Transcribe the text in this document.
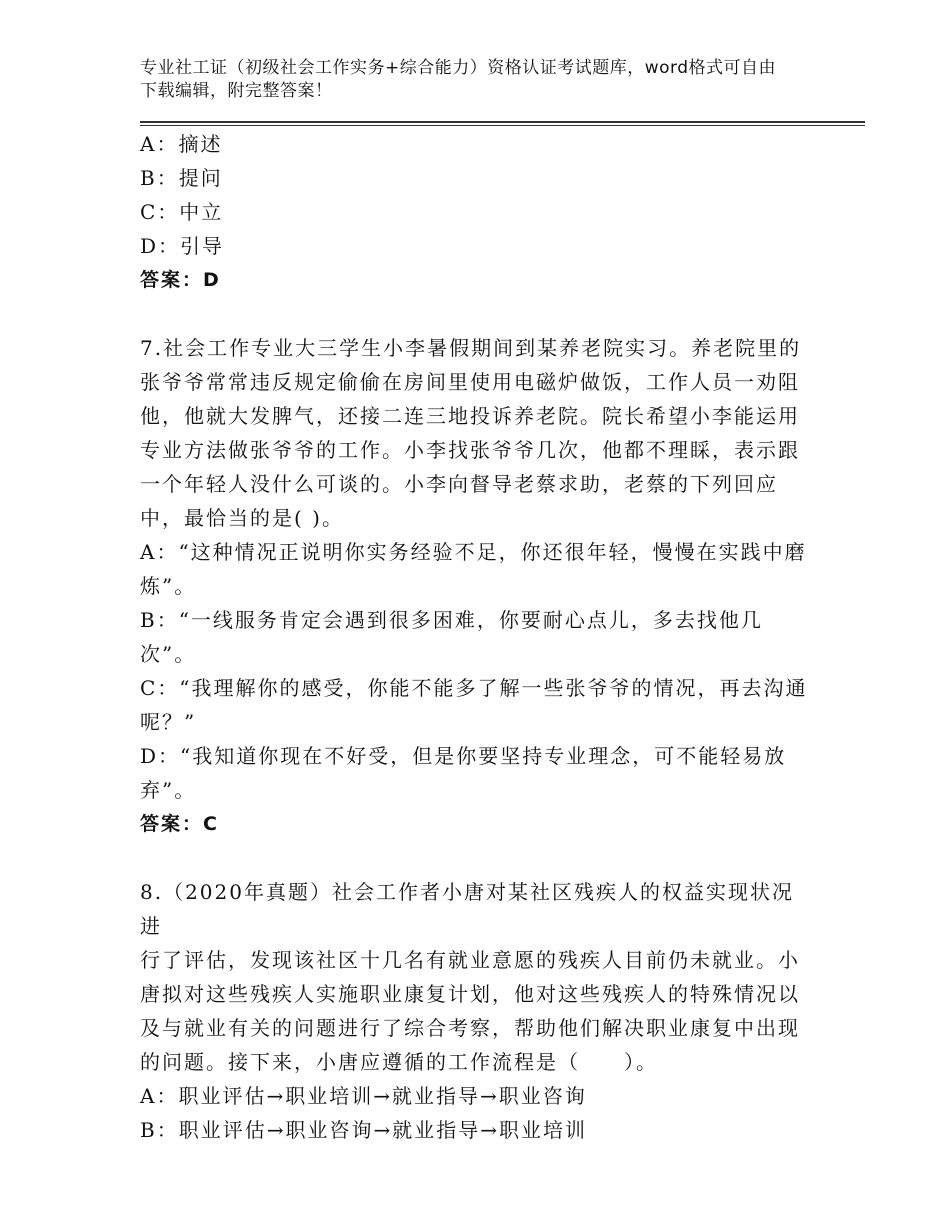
专业社工证（初级社会工作实务+综合能力）资格认证考试题库，word格式可自由
下载编辑，附完整答案！
A：摘述
B：提问
C：中立
D：引导
答案：D
7.社会工作专业大三学生小李暑假期间到某养老院实习。养老院里的
张爷爷常常违反规定偷偷在房间里使用电磁炉做饭，工作人员一劝阻
他，他就大发脾气，还接二连三地投诉养老院。院长希望小李能运用
专业方法做张爷爷的工作。小李找张爷爷几次，他都不理睬，表示跟
一个年轻人没什么可谈的。小李向督导老蔡求助，老蔡的下列回应
中，最恰当的是( )。
A：“这种情况正说明你实务经验不足，你还很年轻，慢慢在实践中磨
炼”。
B：“一线服务肯定会遇到很多困难，你要耐心点儿，多去找他几
次”。
C：“我理解你的感受，你能不能多了解一些张爷爷的情况，再去沟通
呢？”
D：“我知道你现在不好受，但是你要坚持专业理念，可不能轻易放
弃”。
答案：C
8.（2020年真题）社会工作者小唐对某社区残疾人的权益实现状况进
行了评估，发现该社区十几名有就业意愿的残疾人目前仍未就业。小
唐拟对这些残疾人实施职业康复计划，他对这些残疾人的特殊情况以
及与就业有关的问题进行了综合考察，帮助他们解决职业康复中出现
的问题。接下来，小唐应遵循的工作流程是（　　）。
A：职业评估→职业培训→就业指导→职业咨询
B：职业评估→职业咨询→就业指导→职业培训
